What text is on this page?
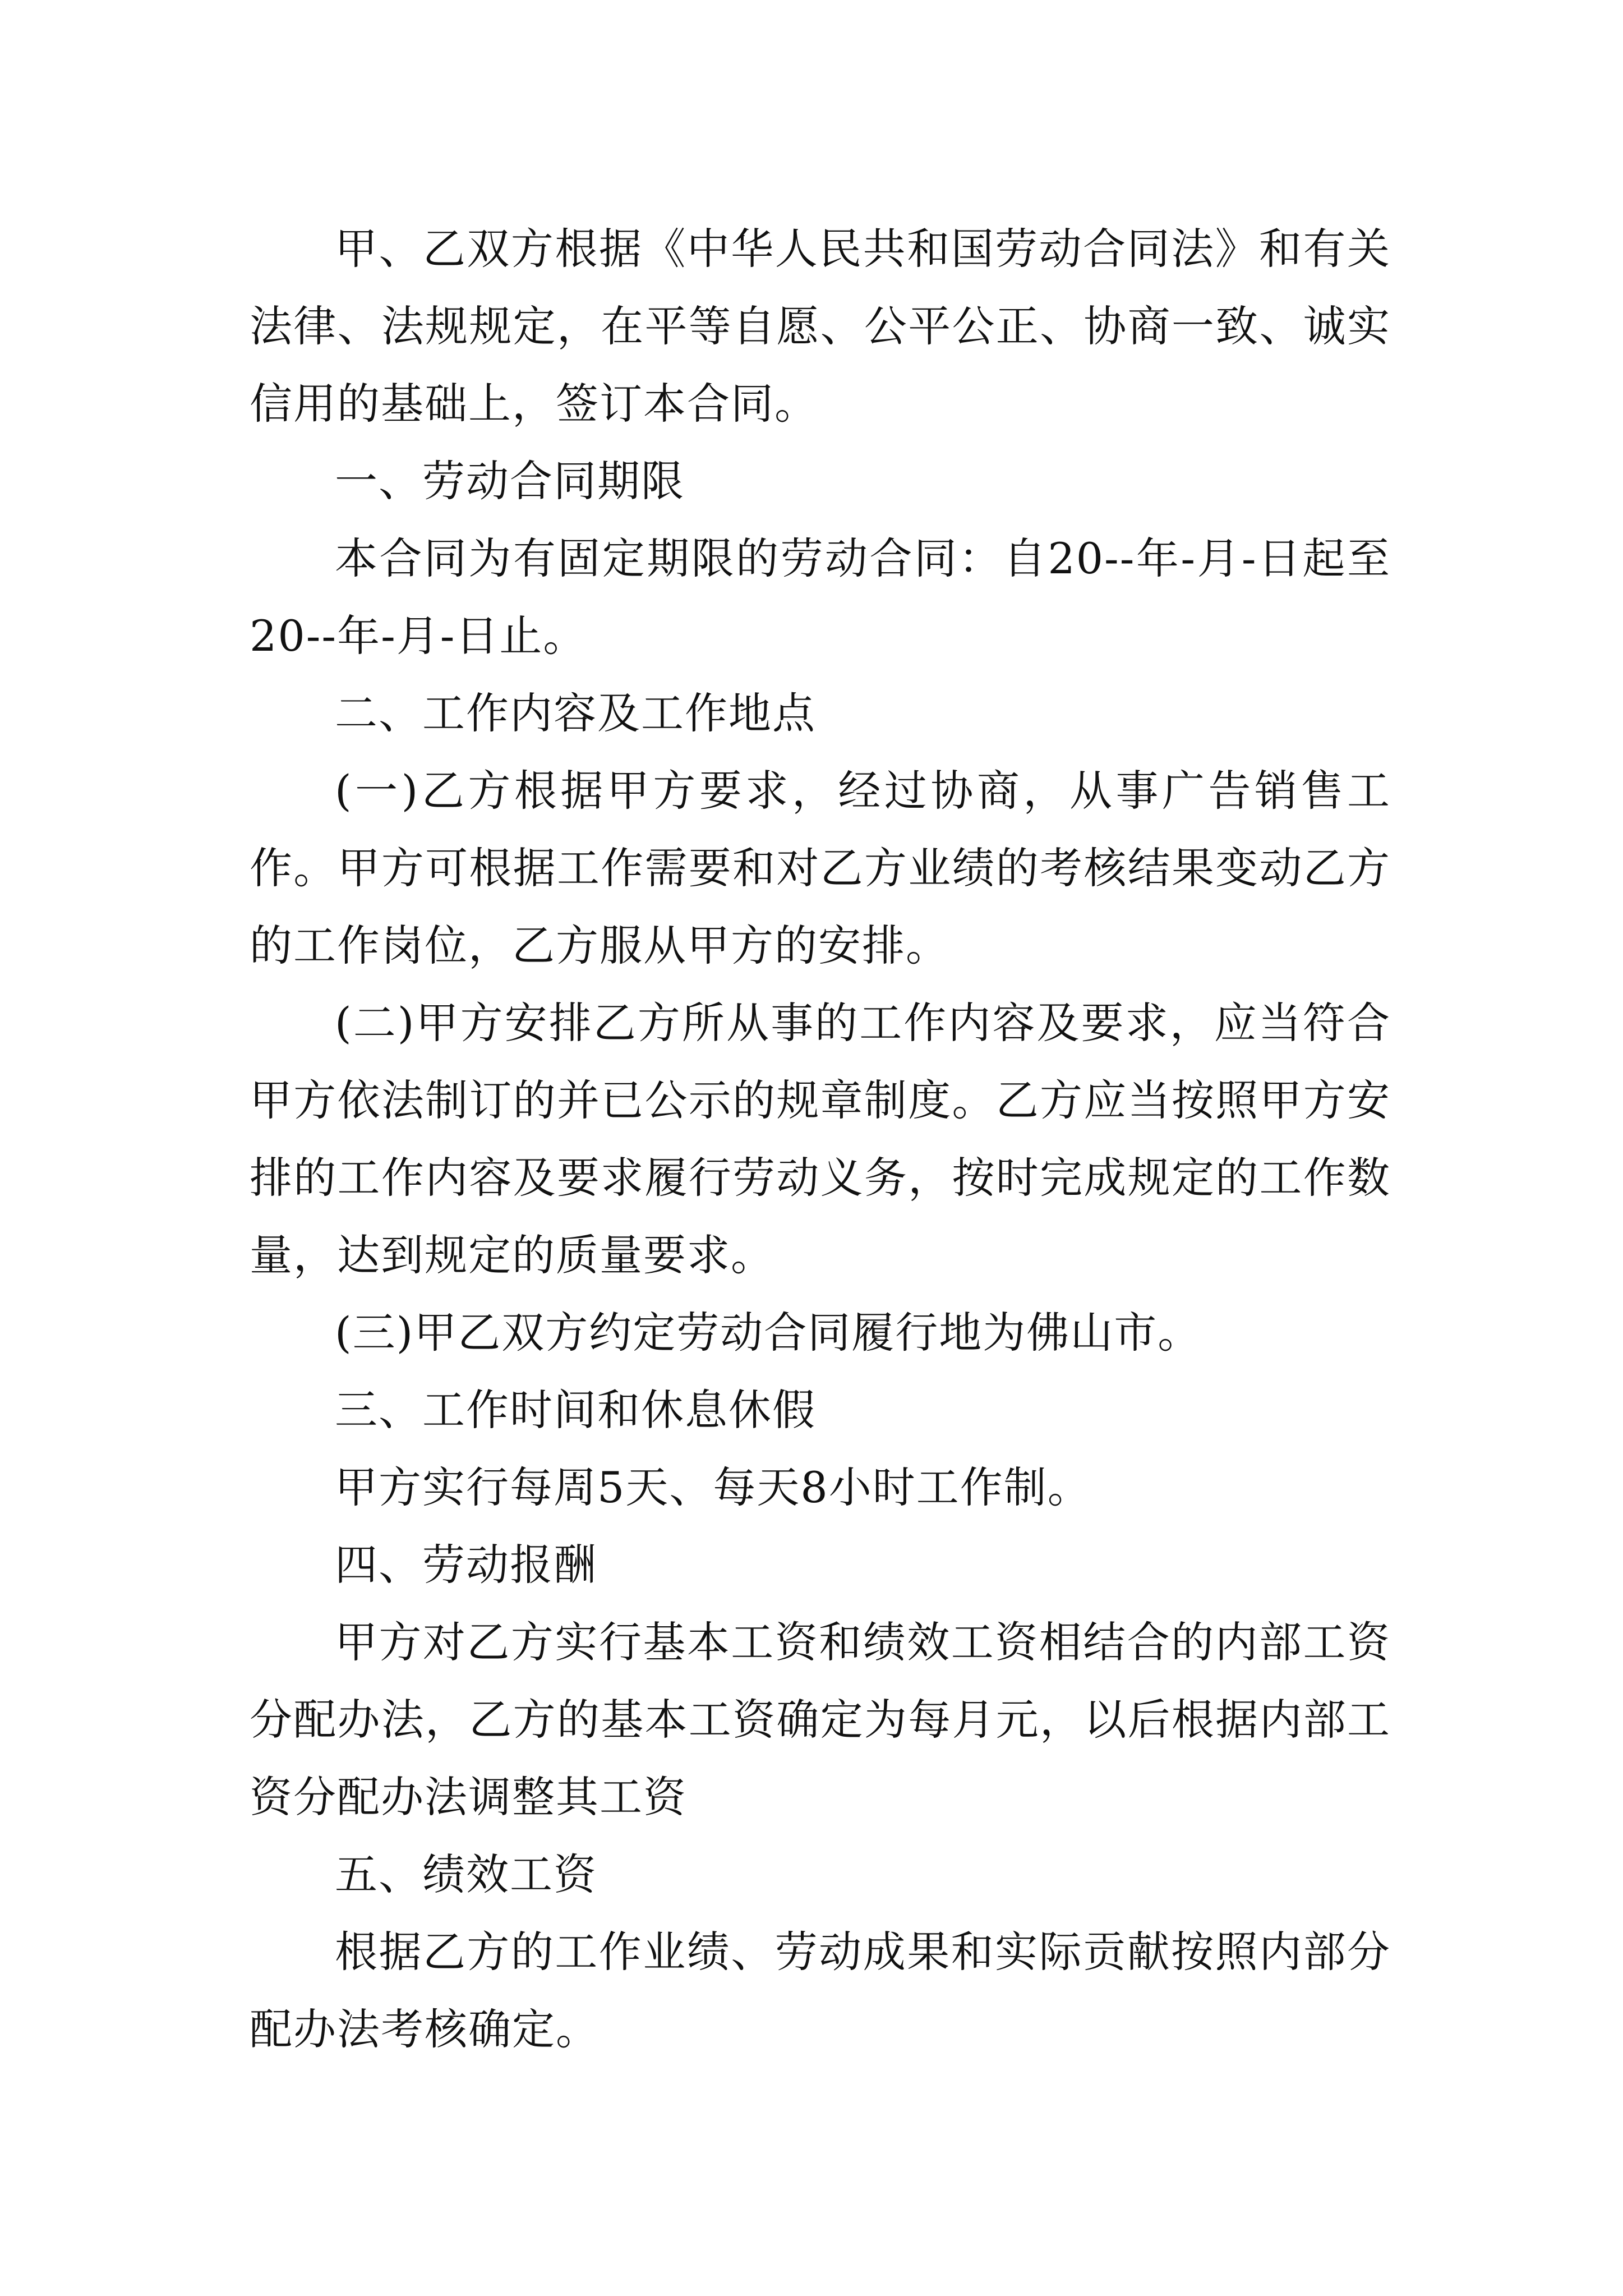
甲、乙双方根据《中华人民共和国劳动合同法》和有关法律、法规规定，在平等自愿、公平公正、协商一致、诚实信用的基础上，签订本合同。

一、劳动合同期限

本合同为有固定期限的劳动合同：自20--年-月-日起至20--年-月-日止。

二、工作内容及工作地点

(一)乙方根据甲方要求，经过协商，从事广告销售工作。甲方可根据工作需要和对乙方业绩的考核结果变动乙方的工作岗位，乙方服从甲方的安排。

(二)甲方安排乙方所从事的工作内容及要求，应当符合甲方依法制订的并已公示的规章制度。乙方应当按照甲方安排的工作内容及要求履行劳动义务，按时完成规定的工作数量，达到规定的质量要求。

(三)甲乙双方约定劳动合同履行地为佛山市。

三、工作时间和休息休假

甲方实行每周5天、每天8小时工作制。

四、劳动报酬

甲方对乙方实行基本工资和绩效工资相结合的内部工资分配办法，乙方的基本工资确定为每月元，以后根据内部工资分配办法调整其工资

五、绩效工资

根据乙方的工作业绩、劳动成果和实际贡献按照内部分配办法考核确定。
